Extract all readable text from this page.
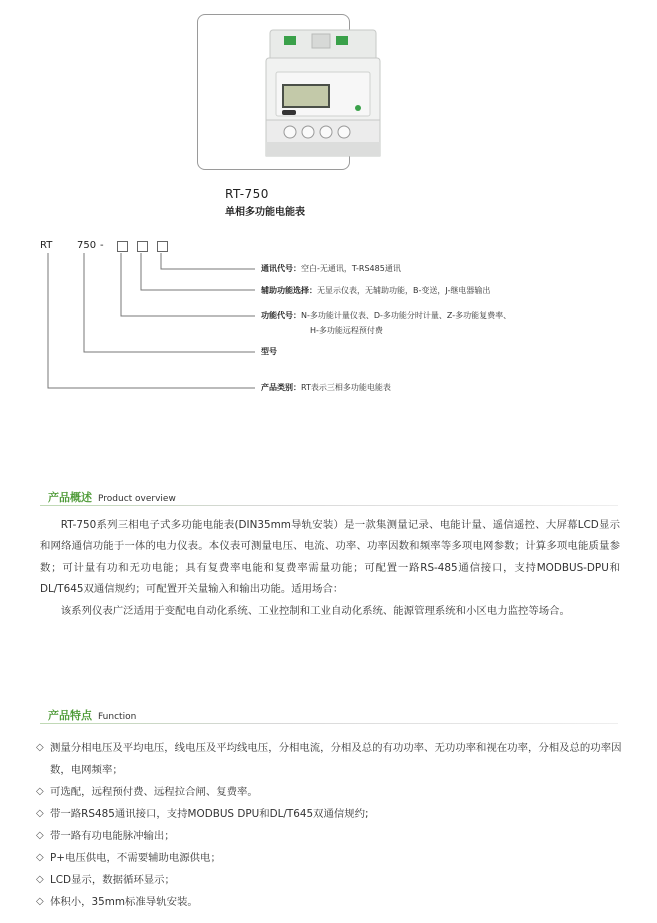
RT-750
单相多功能电能表
RT 750 -
通讯代号：空白-无通讯，T-RS485通讯
辅助功能选择：无显示仪表，无辅助功能，B-变送，J-继电器输出
功能代号：N-多功能计量仪表、D-多功能分时计量、Z-多功能复费率、
H-多功能远程预付费
型号
产品类别：RT表示三相多功能电能表
产品概述 Product overview

RT-750系列三相电子式多功能电能表(DIN35mm导轨安装）是一款集测量记录、电能计量、遥信遥控、大屏幕LCD显示和网络通信功能于一体的电力仪表。本仪表可测量电压、电流、功率、功率因数和频率等多项电网参数；计算多项电能质量参数；可计量有功和无功电能；具有复费率电能和复费率需量功能；可配置一路RS-485通信接口，支持MODBUS-DPU和DL/T645双通信规约；可配置开关量输入和输出功能。适用场合：

该系列仪表广泛适用于变配电自动化系统、工业控制和工业自动化系统、能源管理系统和小区电力监控等场合。

产品特点 Function
◇ 测量分相电压及平均电压，线电压及平均线电压，分相电流，分相及总的有功功率、无功功率和视在功率，分相及总的功率因数，电网频率；
◇ 可选配，远程预付费、远程拉合闸、复费率。
◇ 带一路RS485通讯接口，支持MODBUS DPU和DL/T645双通信规约;
◇ 带一路有功电能脉冲输出；
◇ P+电压供电，不需要辅助电源供电；
◇ LCD显示，数据循环显示；
◇ 体积小，35mm标准导轨安装。
